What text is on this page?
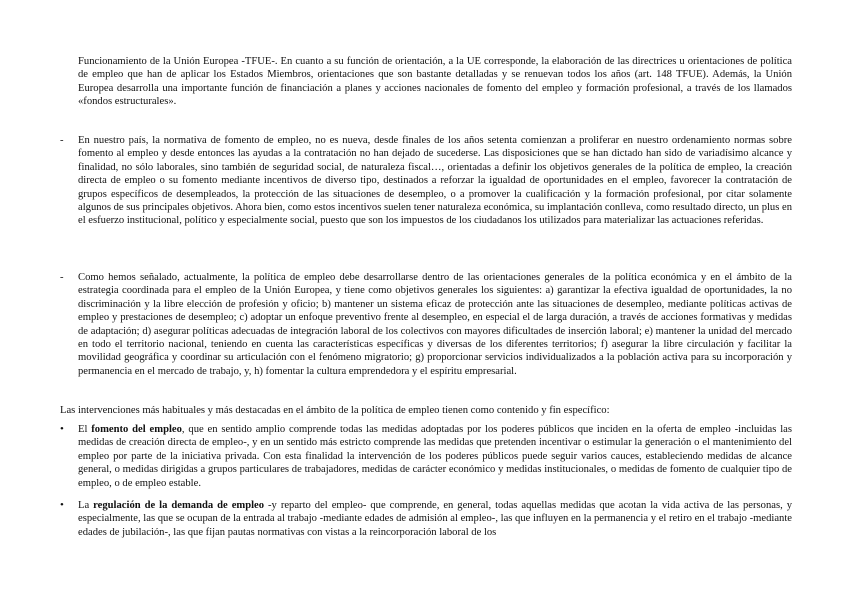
Funcionamiento de la Unión Europea -TFUE-. En cuanto a su función de orientación, a la UE corresponde, la elaboración de las directrices u orientaciones de política de empleo que han de aplicar los Estados Miembros, orientaciones que son bastante detalladas y se renuevan todos los años (art. 148 TFUE). Además, la Unión Europea desarrolla una importante función de financiación a planes y acciones nacionales de fomento del empleo y formación profesional, a través de los llamados «fondos estructurales».

- En nuestro país, la normativa de fomento de empleo, no es nueva, desde finales de los años setenta comienzan a proliferar en nuestro ordenamiento normas sobre fomento al empleo y desde entonces las ayudas a la contratación no han dejado de sucederse. Las disposiciones que se han dictado han sido de variadísimo alcance y finalidad, no sólo laborales, sino también de seguridad social, de naturaleza fiscal…, orientadas a definir los objetivos generales de la política de empleo, la creación directa de empleo o su fomento mediante incentivos de diverso tipo, destinados a reforzar la igualdad de oportunidades en el empleo, favorecer la contratación de grupos específicos de desempleados, la protección de las situaciones de desempleo, o a promover la cualificación y la formación profesional, por citar solamente algunos de sus principales objetivos. Ahora bien, como estos incentivos suelen tener naturaleza económica, su implantación conlleva, como resultado directo, un plus en el esfuerzo institucional, político y especialmente social, puesto que son los impuestos de los ciudadanos los utilizados para materializar las actuaciones referidas.

- Como hemos señalado, actualmente, la política de empleo debe desarrollarse dentro de las orientaciones generales de la política económica y en el ámbito de la estrategia coordinada para el empleo de la Unión Europea, y tiene como objetivos generales los siguientes: a) garantizar la efectiva igualdad de oportunidades, la no discriminación y la libre elección de profesión y oficio; b) mantener un sistema eficaz de protección ante las situaciones de desempleo, mediante políticas activas de empleo y prestaciones de desempleo; c) adoptar un enfoque preventivo frente al desempleo, en especial el de larga duración, a través de acciones formativas y medidas de adaptación; d) asegurar políticas adecuadas de integración laboral de los colectivos con mayores dificultades de inserción laboral; e) mantener la unidad del mercado en todo el territorio nacional, teniendo en cuenta las características específicas y diversas de los diferentes territorios; f) asegurar la libre circulación y facilitar la movilidad geográfica y coordinar su articulación con el fenómeno migratorio; g) proporcionar servicios individualizados a la población activa para su incorporación y permanencia en el mercado de trabajo, y, h) fomentar la cultura emprendedora y el espíritu empresarial.

Las intervenciones más habituales y más destacadas en el ámbito de la política de empleo tienen como contenido y fin específico:

• El fomento del empleo, que en sentido amplio comprende todas las medidas adoptadas por los poderes públicos que inciden en la oferta de empleo -incluidas las medidas de creación directa de empleo-, y en un sentido más estricto comprende las medidas que pretenden incentivar o estimular la generación o el mantenimiento del empleo por parte de la iniciativa privada. Con esta finalidad la intervención de los poderes públicos puede seguir varios cauces, estableciendo medidas de alcance general, o medidas dirigidas a grupos particulares de trabajadores, medidas de carácter económico y medidas institucionales, o medidas de fomento de cualquier tipo de empleo, o de empleo estable.

• La regulación de la demanda de empleo -y reparto del empleo- que comprende, en general, todas aquellas medidas que acotan la vida activa de las personas, y especialmente, las que se ocupan de la entrada al trabajo -mediante edades de admisión al empleo-, las que influyen en la permanencia y el retiro en el trabajo -mediante edades de jubilación-, las que fijan pautas normativas con vistas a la reincorporación laboral de los
